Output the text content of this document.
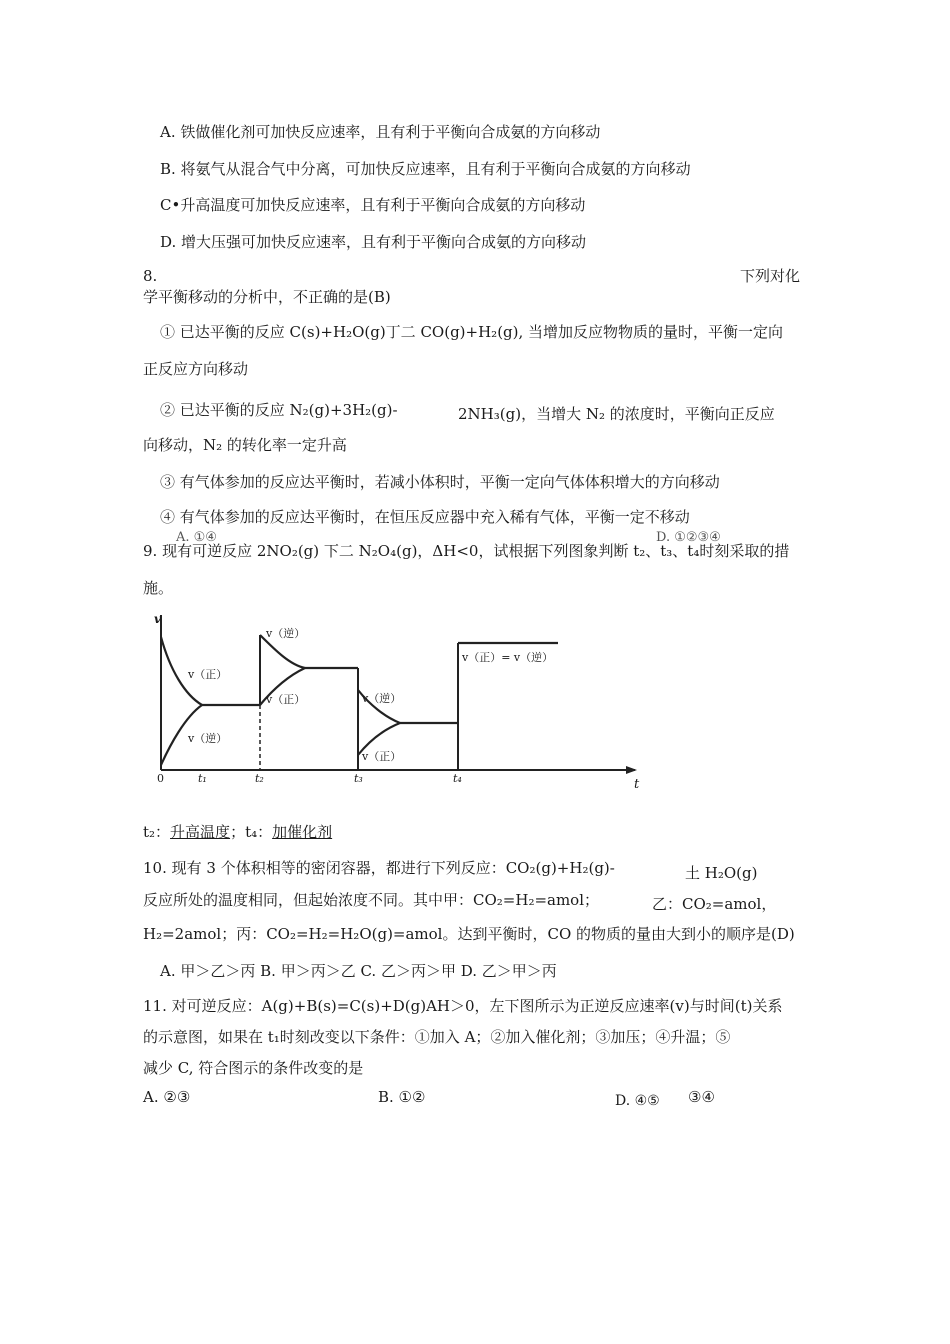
A. 铁做催化剂可加快反应速率，且有利于平衡向合成氨的方向移动
B. 将氨气从混合气中分离，可加快反应速率，且有利于平衡向合成氨的方向移动
C•升高温度可加快反应速率，且有利于平衡向合成氨的方向移动
D. 增大压强可加快反应速率，且有利于平衡向合成氨的方向移动
8.	下列对化
学平衡移动的分析中，不正确的是(B)
① 已达平衡的反应 C(s)+H₂O(g)丁二 CO(g)+H₂(g), 当增加反应物物质的量时，平衡一定向
正反应方向移动
② 已达平衡的反应 N₂(g)+3H₂(g)-	2NH₃(g)，当增大 N₂ 的浓度时，平衡向正反应
向移动，N₂ 的转化率一定升高
③ 有气体参加的反应达平衡时，若减小体积时，平衡一定向气体体积增大的方向移动
④ 有气体参加的反应达平衡时，在恒压反应器中充入稀有气体，平衡一定不移动
A. ①④	D. ①②③④
9. 现有可逆反应 2NO₂(g) 下二 N₂O₄(g)，ΔH<0，试根据下列图象判断 t₂、t₃、t₄时刻采取的措
施。
v
t
0	t₁	t₂	t₃	t₄
v（正）
v（逆）
v（逆）
v（正）	v（逆）
v（正）
v（正）= v（逆）
t₂：升高温度；t₄：加催化剂
10. 现有 3 个体积相等的密闭容器，都进行下列反应：CO₂(g)+H₂(g)-	土 H₂O(g)
反应所处的温度相同，但起始浓度不同。其中甲：CO₂=H₂=amol；	乙：CO₂=amol，
H₂=2amol；丙：CO₂=H₂=H₂O(g)=amol。达到平衡时，CO 的物质的量由大到小的顺序是(D)
A. 甲＞乙＞丙 B. 甲＞丙＞乙 C. 乙＞丙＞甲 D. 乙＞甲＞丙
11. 对可逆反应：A(g)+B(s)=C(s)+D(g)AH＞0，左下图所示为正逆反应速率(v)与时间(t)关系
的示意图，如果在 t₁时刻改变以下条件：①加入 A；②加入催化剂；③加压；④升温；⑤
减少 C, 符合图示的条件改变的是
A. ②③	B. ①②	D. ④⑤ ③④
